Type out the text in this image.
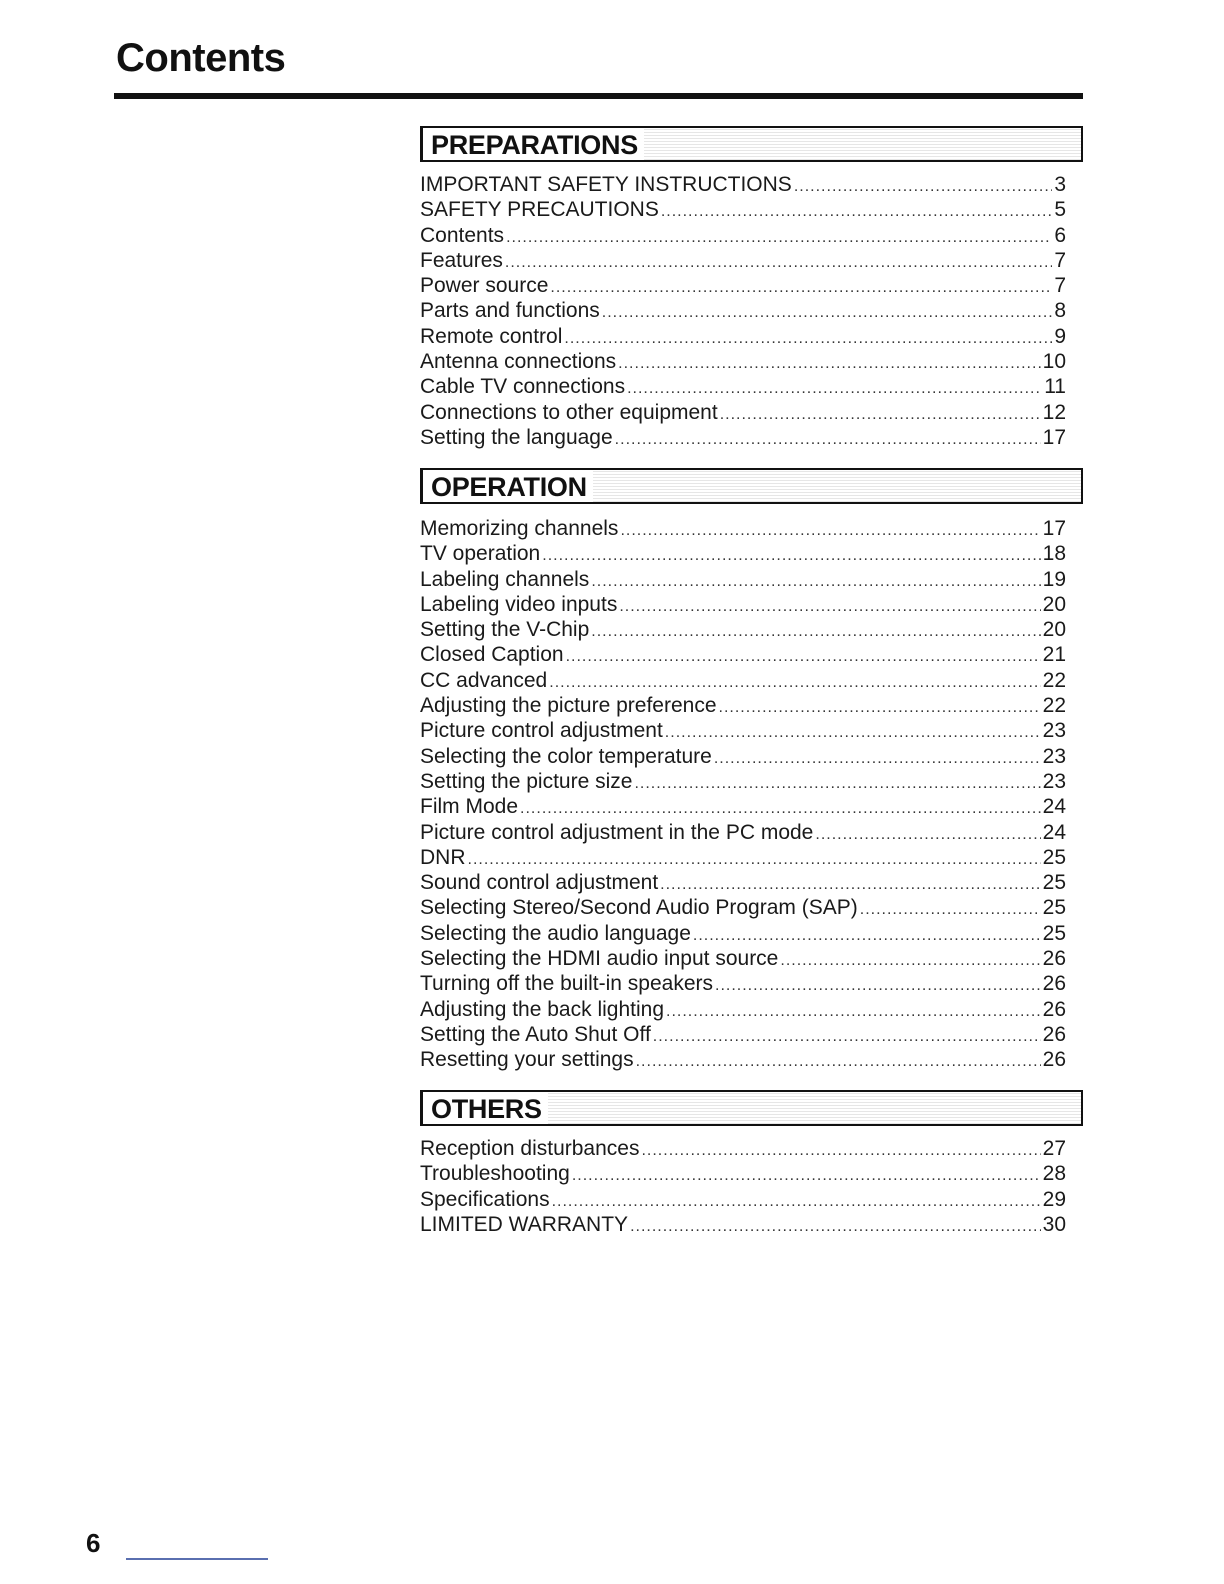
Contents
PREPARATIONS
IMPORTANT SAFETY INSTRUCTIONS .....	3
SAFETY PRECAUTIONS .....	5
Contents .....	6
Features .....	7
Power source .....	7
Parts and functions .....	8
Remote control .....	9
Antenna connections .....	10
Cable TV connections .....	11
Connections to other equipment .....	12
Setting the language .....	17
OPERATION
Memorizing channels .....	17
TV operation .....	18
Labeling channels .....	19
Labeling video inputs .....	20
Setting the V-Chip .....	20
Closed Caption .....	21
CC advanced .....	22
Adjusting the picture preference .....	22
Picture control adjustment .....	23
Selecting the color temperature .....	23
Setting the picture size .....	23
Film Mode .....	24
Picture control adjustment in the PC mode .....	24
DNR .....	25
Sound control adjustment .....	25
Selecting Stereo/Second Audio Program (SAP) .....	25
Selecting the audio language .....	25
Selecting the HDMI audio input source .....	26
Turning off the built-in speakers .....	26
Adjusting the back lighting .....	26
Setting the Auto Shut Off .....	26
Resetting your settings .....	26
OTHERS
Reception disturbances .....	27
Troubleshooting .....	28
Specifications .....	29
LIMITED WARRANTY .....	30
6
